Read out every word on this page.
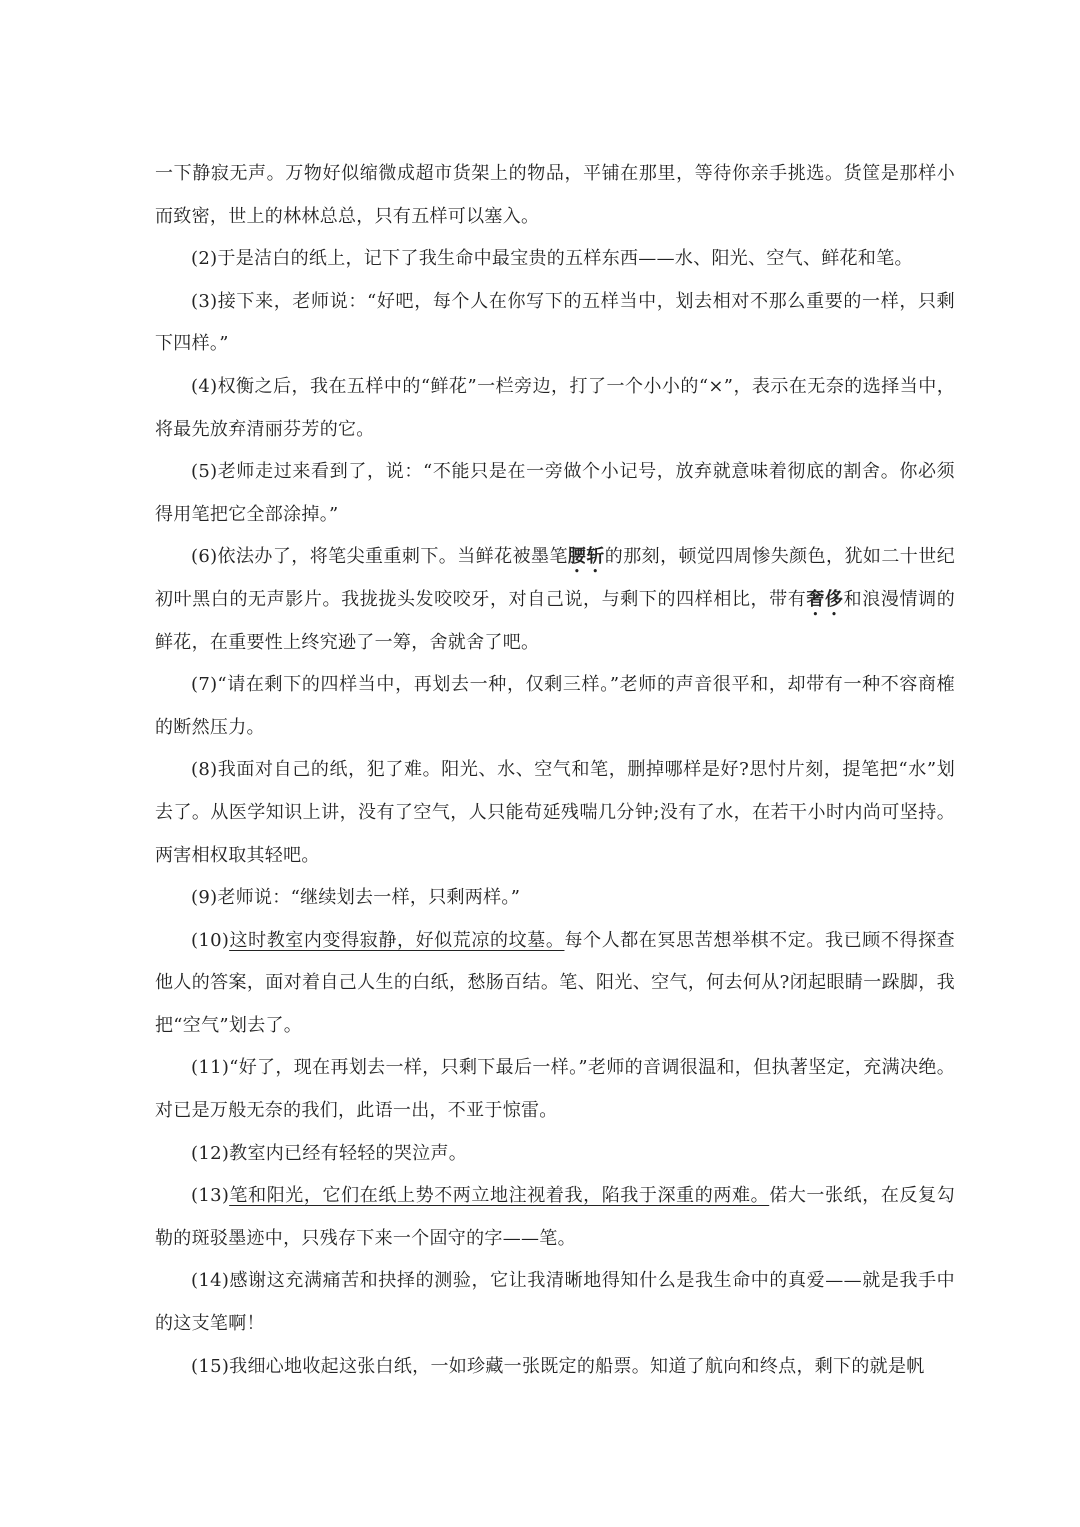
一下静寂无声。万物好似缩微成超市货架上的物品，平铺在那里，等待你亲手挑选。货筐是那样小而致密，世上的林林总总，只有五样可以塞入。

(2)于是洁白的纸上，记下了我生命中最宝贵的五样东西——水、阳光、空气、鲜花和笔。

(3)接下来，老师说：“好吧，每个人在你写下的五样当中，划去相对不那么重要的一样，只剩下四样。”

(4)权衡之后，我在五样中的“鲜花”一栏旁边，打了一个小小的“×”，表示在无奈的选择当中，将最先放弃清丽芬芳的它。

(5)老师走过来看到了，说：“不能只是在一旁做个小记号，放弃就意味着彻底的割舍。你必须得用笔把它全部涂掉。”

(6)依法办了，将笔尖重重刺下。当鲜花被墨笔腰斩的那刻，顿觉四周惨失颜色，犹如二十世纪初叶黑白的无声影片。我拢拢头发咬咬牙，对自己说，与剩下的四样相比，带有奢侈和浪漫情调的鲜花，在重要性上终究逊了一筹，舍就舍了吧。

(7)“请在剩下的四样当中，再划去一种，仅剩三样。”老师的声音很平和，却带有一种不容商榷的断然压力。

(8)我面对自己的纸，犯了难。阳光、水、空气和笔，删掉哪样是好?思忖片刻，提笔把“水”划去了。从医学知识上讲，没有了空气，人只能苟延残喘几分钟;没有了水，在若干小时内尚可坚持。两害相权取其轻吧。

(9)老师说：“继续划去一样，只剩两样。”

(10)这时教室内变得寂静，好似荒凉的坟墓。每个人都在冥思苦想举棋不定。我已顾不得探查他人的答案，面对着自己人生的白纸，愁肠百结。笔、阳光、空气，何去何从?闭起眼睛一跺脚，我把“空气”划去了。

(11)“好了，现在再划去一样，只剩下最后一样。”老师的音调很温和，但执著坚定，充满决绝。对已是万般无奈的我们，此语一出，不亚于惊雷。

(12)教室内已经有轻轻的哭泣声。

(13)笔和阳光，它们在纸上势不两立地注视着我，陷我于深重的两难。偌大一张纸，在反复勾勒的斑驳墨迹中，只残存下来一个固守的字——笔。

(14)感谢这充满痛苦和抉择的测验，它让我清晰地得知什么是我生命中的真爱——就是我手中的这支笔啊！

(15)我细心地收起这张白纸，一如珍藏一张既定的船票。知道了航向和终点，剩下的就是帆
